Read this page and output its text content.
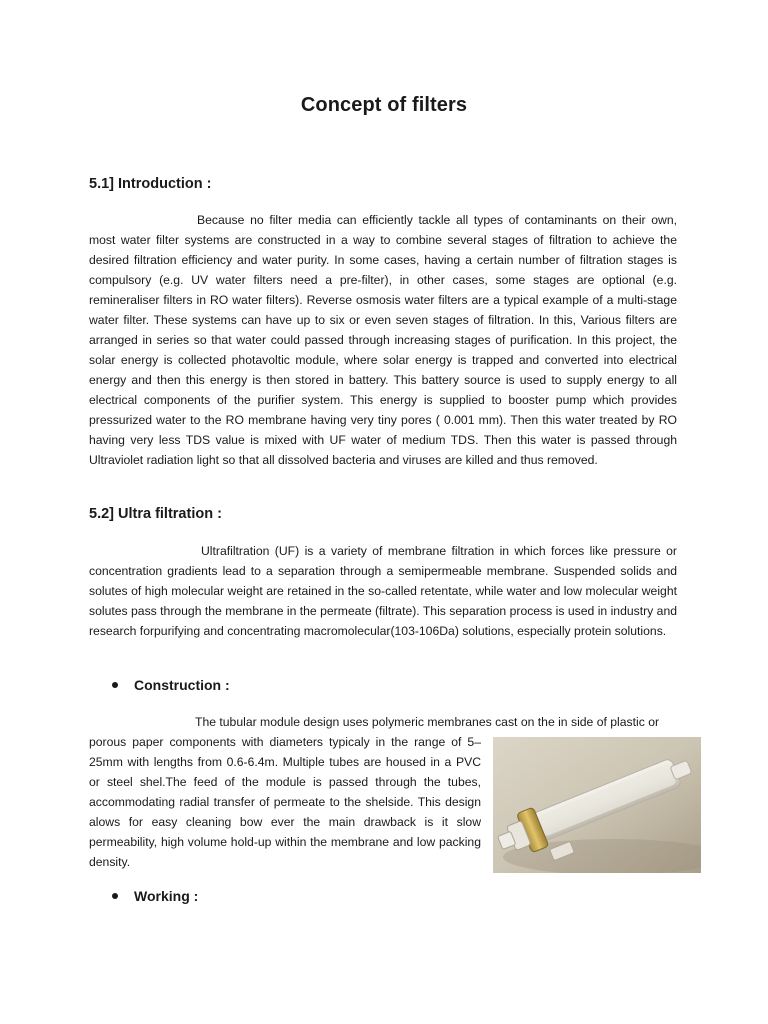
Concept of filters
5.1] Introduction :
Because no filter media can efficiently tackle all types of contaminants on their own, most water filter systems are constructed in a way to combine several stages of filtration to achieve the desired filtration efficiency and water purity. In some cases, having a certain number of filtration stages is compulsory (e.g. UV water filters need a pre-filter), in other cases, some stages are optional (e.g. remineraliser filters in RO water filters). Reverse osmosis water filters are a typical example of a multi-stage water filter. These systems can have up to six or even seven stages of filtration. In this, Various filters are arranged in series so that water could passed through increasing stages of purification. In this project, the solar energy is collected photavoltic module, where solar energy is trapped and converted into electrical energy and then this energy is then stored in battery. This battery source is used to supply energy to all electrical components of the purifier system. This energy is supplied to booster pump which provides pressurized water to the RO membrane having very tiny pores ( 0.001 mm). Then this water treated by RO having very less TDS value is mixed with UF water of medium TDS. Then this water is passed through Ultraviolet radiation light so that all dissolved bacteria and viruses are killed and thus removed.
5.2] Ultra filtration :
Ultrafiltration (UF) is a variety of membrane filtration in which forces like pressure or concentration gradients lead to a separation through a semipermeable membrane. Suspended solids and solutes of high molecular weight are retained in the so-called retentate, while water and low molecular weight solutes pass through the membrane in the permeate (filtrate). This separation process is used in industry and research forpurifying and concentrating macromolecular(103-106Da) solutions, especially protein solutions.
Construction :
The tubular module design uses polymeric membranes cast on the in side of plastic or
porous paper components with diameters typicaly in the range of 5–25mm with lengths from 0.6-6.4m. Multiple tubes are housed in a PVC or steel shel.The feed of the module is passed through the tubes, accommodating radial transfer of permeate to the shelside. This design alows for easy cleaning bow ever the main drawback is it slow permeability, high volume hold-up within the membrane and low packing density.
Working :
